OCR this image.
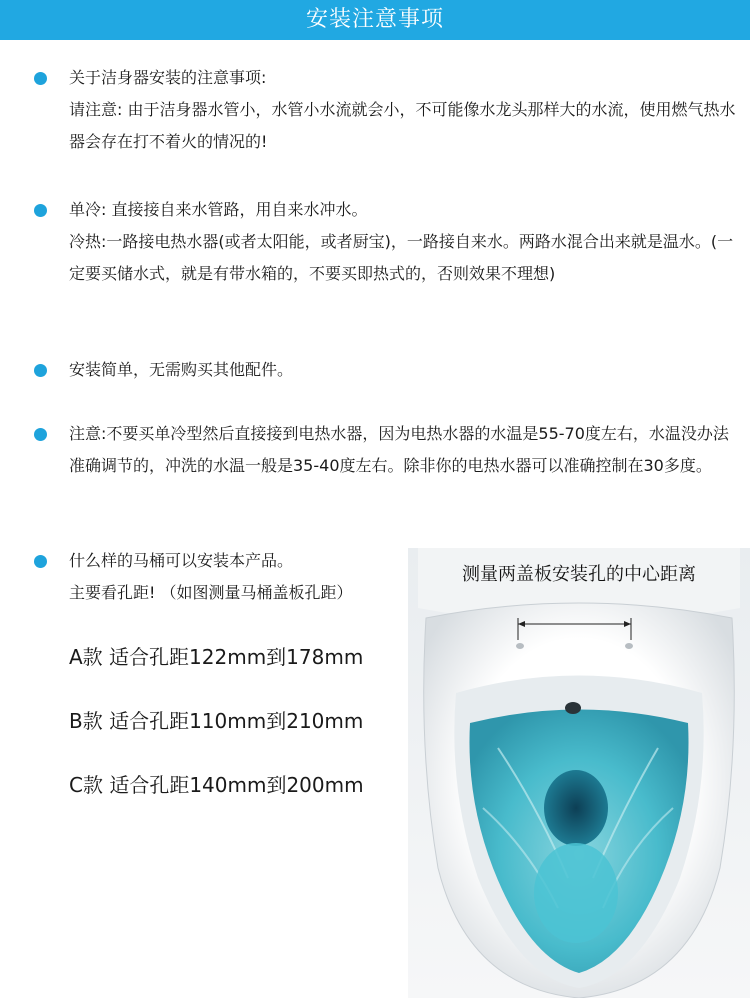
安装注意事项

关于洁身器安装的注意事项:

请注意: 由于洁身器水管小，水管小水流就会小，不可能像水龙头那样大的水流，使用燃气热水器会存在打不着火的情况的!

单冷: 直接接自来水管路，用自来水冲水。

冷热:一路接电热水器(或者太阳能，或者厨宝)，一路接自来水。两路水混合出来就是温水。(一定要买储水式，就是有带水箱的，不要买即热式的，否则效果不理想)

安装简单，无需购买其他配件。

注意:不要买单冷型然后直接接到电热水器，因为电热水器的水温是55-70度左右，水温没办法准确调节的，冲洗的水温一般是35-40度左右。除非你的电热水器可以准确控制在30多度。

什么样的马桶可以安装本产品。

主要看孔距! （如图测量马桶盖板孔距）

A款 适合孔距122mm到178mm

B款 适合孔距110mm到210mm

C款 适合孔距140mm到200mm

测量两盖板安装孔的中心距离
